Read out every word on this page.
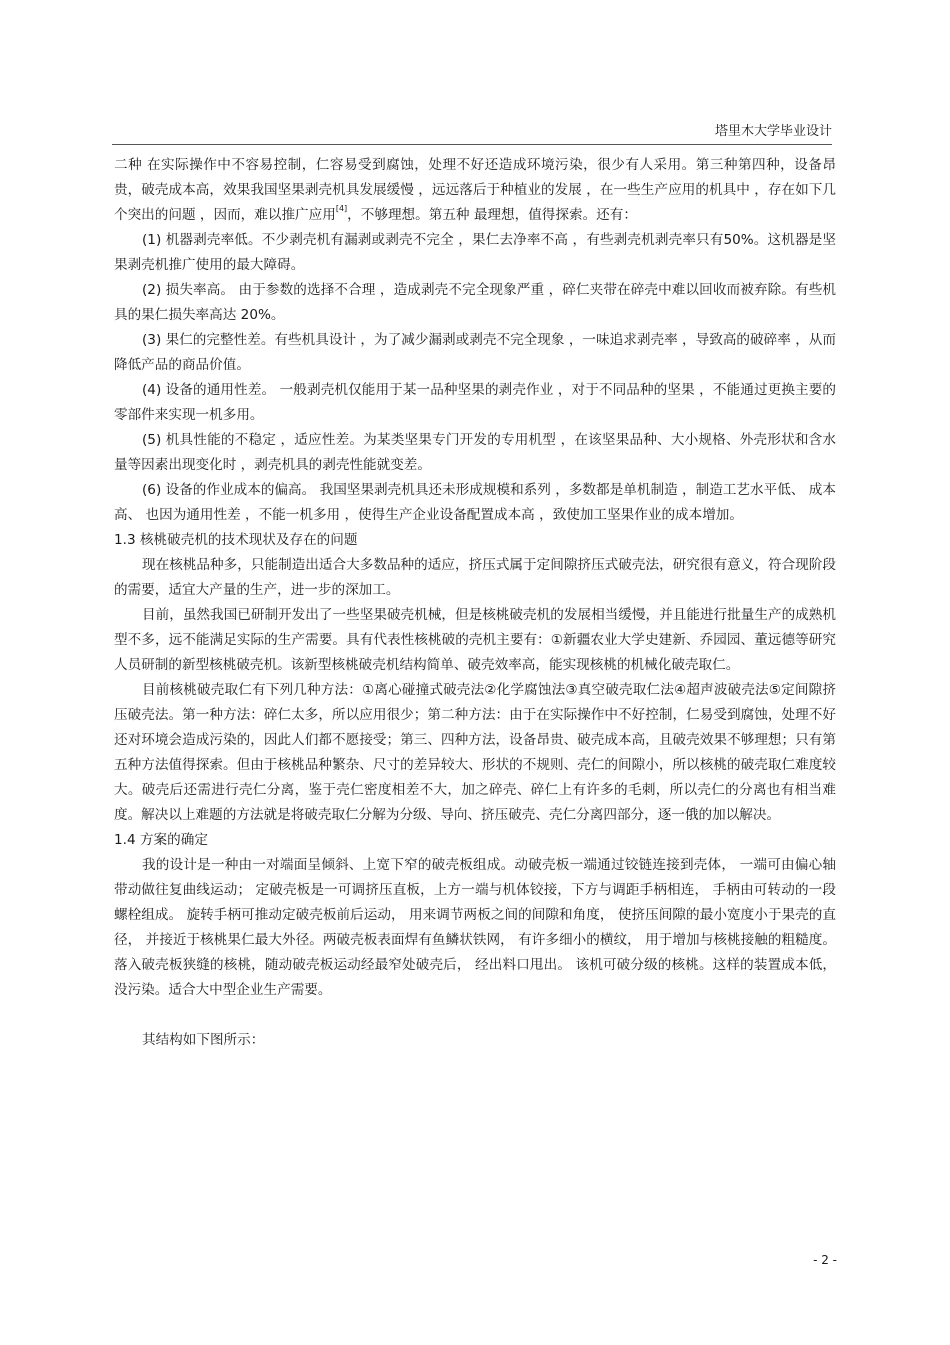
塔里木大学毕业设计

二种 在实际操作中不容易控制，仁容易受到腐蚀，处理不好还造成环境污染，很少有人采用。第三种第四种，设备昂贵，破壳成本高，效果我国坚果剥壳机具发展缓慢 ，远远落后于种植业的发展 ，在一些生产应用的机具中 ，存在如下几个突出的问题 ，因而，难以推广应用[4]，不够理想。第五种 最理想，值得探索。还有：

(1) 机器剥壳率低。不少剥壳机有漏剥或剥壳不完全 ，果仁去净率不高 ，有些剥壳机剥壳率只有50%。这机器是坚果剥壳机推广使用的最大障碍。

(2) 损失率高。 由于参数的选择不合理 ，造成剥壳不完全现象严重 ，碎仁夹带在碎壳中难以回收而被弃除。有些机具的果仁损失率高达 20%。

(3) 果仁的完整性差。有些机具设计 ，为了减少漏剥或剥壳不完全现象 ，一味追求剥壳率 ，导致高的破碎率 ，从而降低产品的商品价值。

(4) 设备的通用性差。 一般剥壳机仅能用于某一品种坚果的剥壳作业 ，对于不同品种的坚果 ，不能通过更换主要的零部件来实现一机多用。

(5) 机具性能的不稳定 ，适应性差。为某类坚果专门开发的专用机型 ，在该坚果品种、大小规格、外壳形状和含水量等因素出现变化时 ，剥壳机具的剥壳性能就变差。

(6) 设备的作业成本的偏高。 我国坚果剥壳机具还未形成规模和系列 ，多数都是单机制造 ，制造工艺水平低、 成本高、 也因为通用性差 ，不能一机多用 ，使得生产企业设备配置成本高 ，致使加工坚果作业的成本增加。

1.3 核桃破壳机的技术现状及存在的问题

现在核桃品种多，只能制造出适合大多数品种的适应，挤压式属于定间隙挤压式破壳法，研究很有意义，符合现阶段的需要，适宜大产量的生产，进一步的深加工。

目前，虽然我国已研制开发出了一些坚果破壳机械，但是核桃破壳机的发展相当缓慢，并且能进行批量生产的成熟机型不多，远不能满足实际的生产需要。具有代表性核桃破的壳机主要有：①新疆农业大学史建新、乔园园、董远德等研究人员研制的新型核桃破壳机。该新型核桃破壳机结构简单、破壳效率高，能实现核桃的机械化破壳取仁。

目前核桃破壳取仁有下列几种方法：①离心碰撞式破壳法②化学腐蚀法③真空破壳取仁法④超声波破壳法⑤定间隙挤压破壳法。第一种方法：碎仁太多，所以应用很少；第二种方法：由于在实际操作中不好控制，仁易受到腐蚀，处理不好还对环境会造成污染的，因此人们都不愿接受；第三、四种方法，设备昂贵、破壳成本高，且破壳效果不够理想；只有第五种方法值得探索。但由于核桃品种繁杂、尺寸的差异较大、形状的不规则、壳仁的间隙小，所以核桃的破壳取仁难度较大。破壳后还需进行壳仁分离，鉴于壳仁密度相差不大，加之碎壳、碎仁上有许多的毛刺，所以壳仁的分离也有相当难度。解决以上难题的方法就是将破壳取仁分解为分级、导向、挤压破壳、壳仁分离四部分，逐一俄的加以解决。

1.4 方案的确定

我的设计是一种由一对端面呈倾斜、上宽下窄的破壳板组成。动破壳板一端通过铰链连接到壳体， 一端可由偏心轴带动做往复曲线运动； 定破壳板是一可调挤压直板，上方一端与机体铰接，下方与调距手柄相连， 手柄由可转动的一段螺栓组成。 旋转手柄可推动定破壳板前后运动， 用来调节两板之间的间隙和角度， 使挤压间隙的最小宽度小于果壳的直径， 并接近于核桃果仁最大外径。两破壳板表面焊有鱼鳞状铁网， 有许多细小的横纹， 用于增加与核桃接触的粗糙度。 落入破壳板狭缝的核桃，随动破壳板运动经最窄处破壳后， 经出料口甩出。 该机可破分级的核桃。这样的装置成本低，没污染。适合大中型企业生产需要。

其结构如下图所示：

- 2 -
